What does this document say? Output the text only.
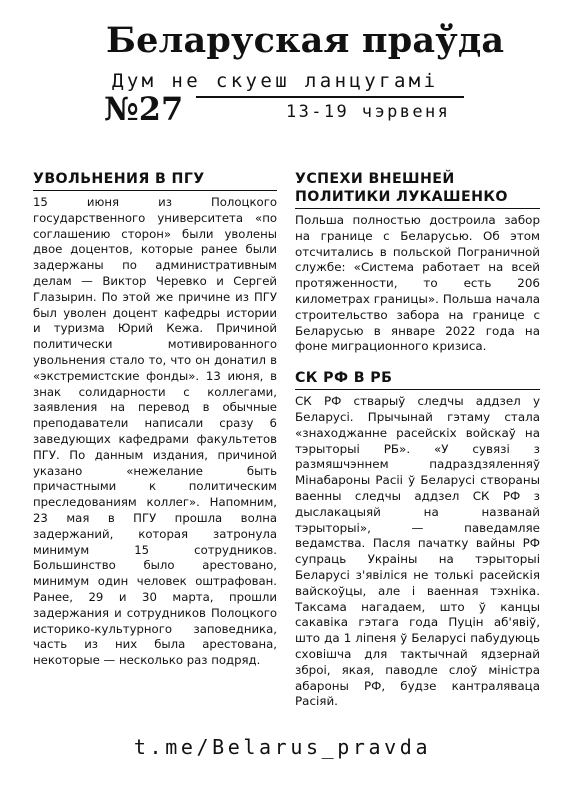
Беларуская праўда
Дум не скуеш ланцугамі
№27	13-19 чэрвеня
УВОЛЬНЕНИЯ В ПГУ

15 июня из Полоцкого государственного университета «по соглашению сторон» были уволены двое доцентов, которые ранее были задержаны по административным делам — Виктор Черевко и Сергей Глазырин. По этой же причине из ПГУ был уволен доцент кафедры истории и туризма Юрий Кежа. Причиной политически мотивированного увольнения стало то, что он донатил в «экстремистские фонды». 13 июня, в знак солидарности с коллегами, заявления на перевод в обычные преподаватели написали сразу 6 заведующих кафедрами факультетов ПГУ. По данным издания, причиной указано «нежелание быть причастными к политическим преследованиям коллег». Напомним, 23 мая в ПГУ прошла волна задержаний, которая затронула минимум 15 сотрудников. Большинство было арестовано, минимум один человек оштрафован. Ранее, 29 и 30 марта, прошли задержания и сотрудников Полоцкого историко-культурного заповедника, часть из них была арестована, некоторые — несколько раз подряд.

УСПЕХИ ВНЕШНЕЙ ПОЛИТИКИ ЛУКАШЕНКО

Польша полностью достроила забор на границе с Беларусью. Об этом отсчитались в польской Пограничной службе: «Система работает на всей протяженности, то есть 206 километрах границы». Польша начала строительство забора на границе с Беларусью в январе 2022 года на фоне миграционного кризиса.

СК РФ В РБ

СК РФ стварыў следчы аддзел у Беларусі. Прычынай гэтаму стала «знаходжанне расейскіх войскаў на тэрыторыі РБ». «У сувязі з размяшчэннем падраздзяленняў Мінабароны Расіі ў Беларусі створаны ваенны следчы аддзел СК РФ з дыслакацыяй на названай тэрыторыі», — паведамляе ведамства. Пасля пачатку вайны РФ супраць Украіны на тэрыторыі Беларусі з'явіліся не толькі расейскія вайскоўцы, але і ваенная тэхніка. Таксама нагадаем, што ў канцы сакавіка гэтага года Пуцін аб'явіў, што да 1 ліпеня ў Беларусі пабудуюць сховішча для тактычнай ядзернай зброі, якая, паводле слоў міністра абароны РФ, будзе кантраляваца Расіяй.

t.me/Belarus_pravda
